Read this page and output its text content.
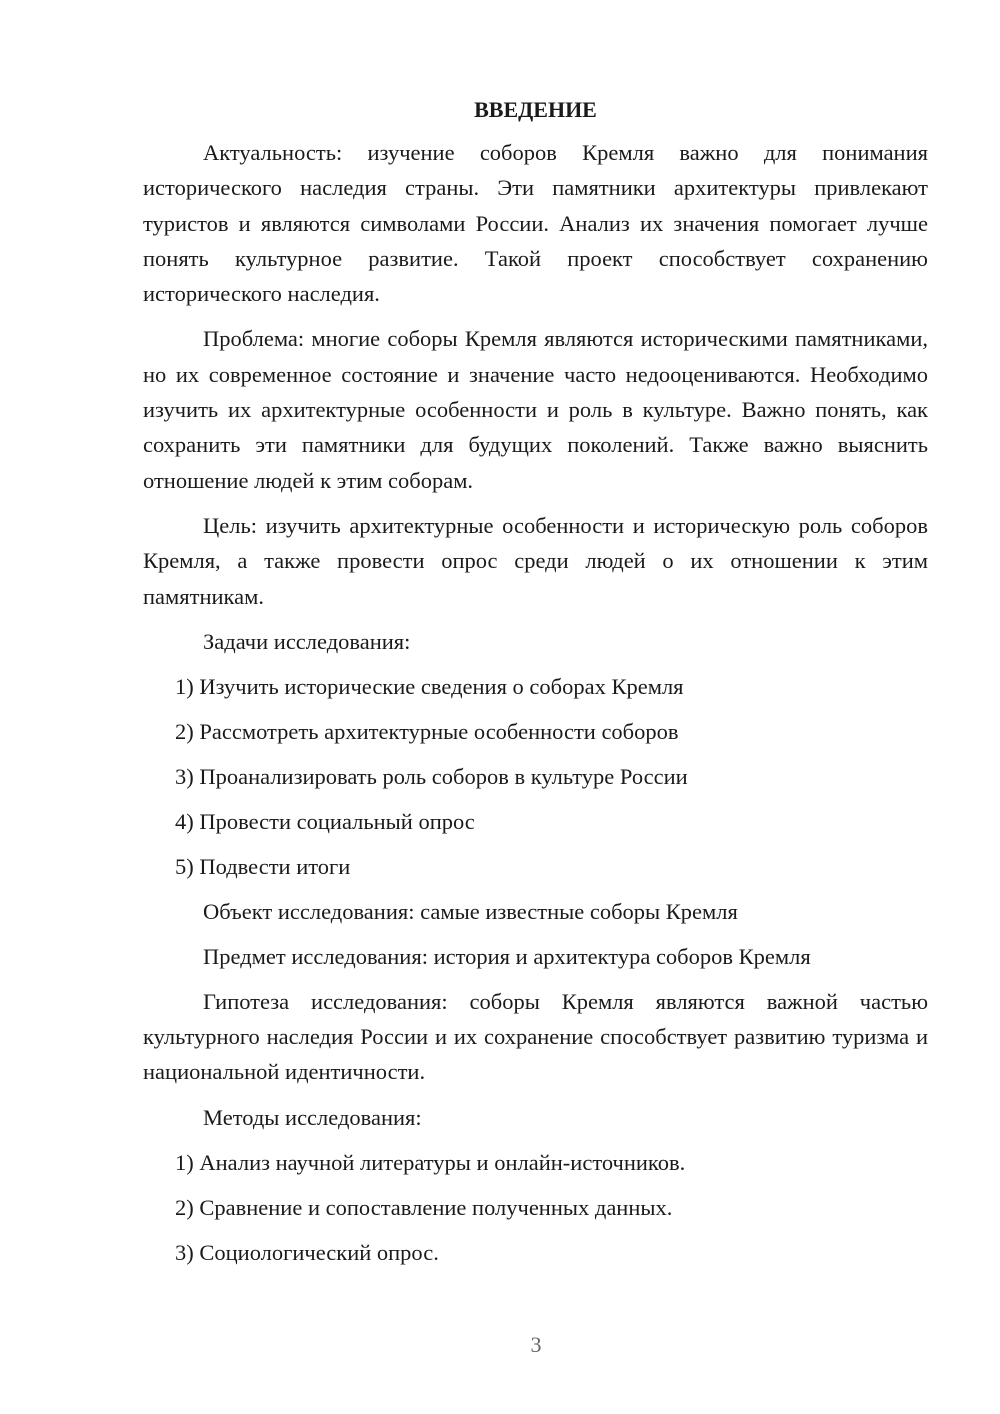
ВВЕДЕНИЕ

Актуальность: изучение соборов Кремля важно для понимания исторического наследия страны. Эти памятники архитектуры привлекают туристов и являются символами России. Анализ их значения помогает лучше понять культурное развитие. Такой проект способствует сохранению исторического наследия.

Проблема: многие соборы Кремля являются историческими памятниками, но их современное состояние и значение часто недооцениваются. Необходимо изучить их архитектурные особенности и роль в культуре. Важно понять, как сохранить эти памятники для будущих поколений. Также важно выяснить отношение людей к этим соборам.

Цель: изучить архитектурные особенности и историческую роль соборов Кремля, а также провести опрос среди людей о их отношении к этим памятникам.

Задачи исследования:
1) Изучить исторические сведения о соборах Кремля
2) Рассмотреть архитектурные особенности соборов
3) Проанализировать роль соборов в культуре России
4) Провести социальный опрос
5) Подвести итоги
Объект исследования: самые известные соборы Кремля
Предмет исследования: история и архитектура соборов Кремля

Гипотеза исследования: соборы Кремля являются важной частью культурного наследия России и их сохранение способствует развитию туризма и национальной идентичности.

Методы исследования:
1) Анализ научной литературы и онлайн-источников.
2) Сравнение и сопоставление полученных данных.
3) Социологический опрос.
3
